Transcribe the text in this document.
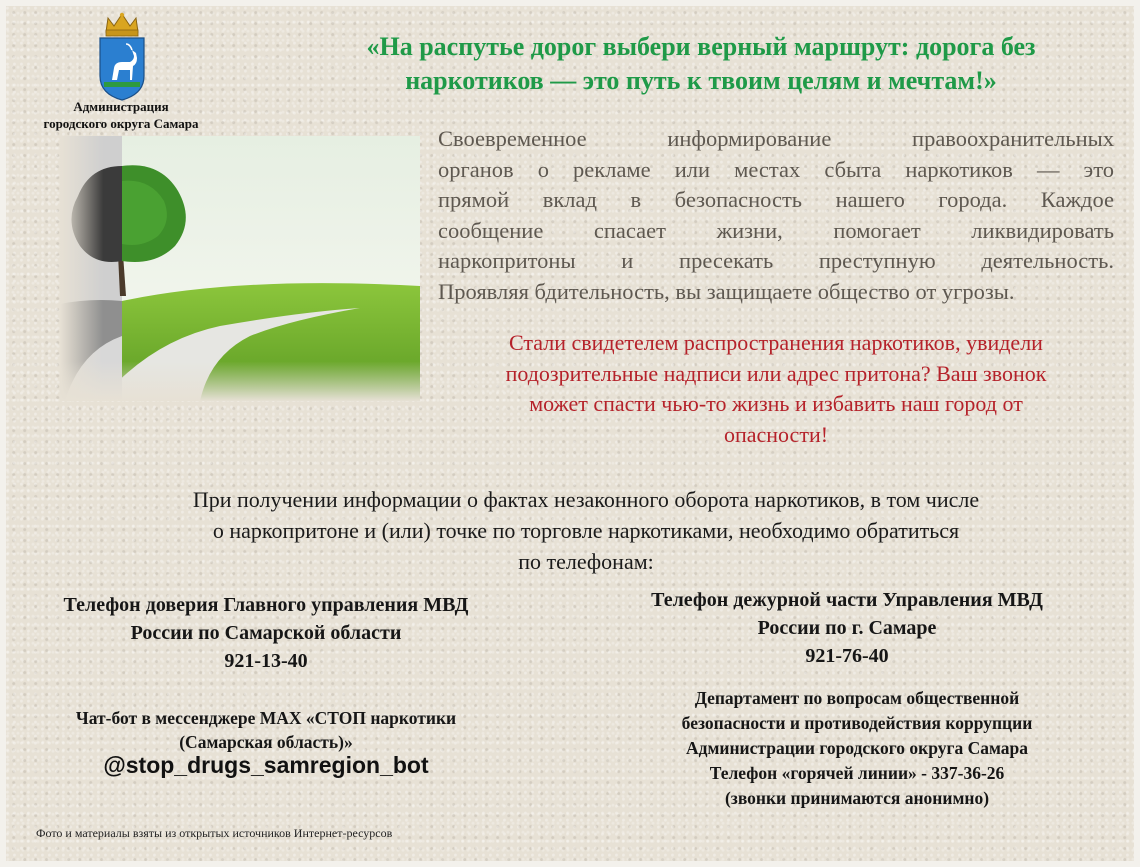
Администрация
городского округа Самара
«На распутье дорог выбери верный маршрут: дорога без
наркотиков — это путь к твоим целям и мечтам!»
Своевременное информирование правоохранительных
органов о рекламе или местах сбыта наркотиков — это
прямой вклад в безопасность нашего города. Каждое
сообщение спасает жизни, помогает ликвидировать
наркопритоны и пресекать преступную деятельность.
Проявляя бдительность, вы защищаете общество от угрозы.
Стали свидетелем распространения наркотиков, увидели
подозрительные надписи или адрес притона? Ваш звонок
может спасти чью-то жизнь и избавить наш город от
опасности!
При получении информации о фактах незаконного оборота наркотиков, в том числе
о наркопритоне и (или) точке по торговле наркотиками, необходимо обратиться
по телефонам:
Телефон доверия Главного управления МВД
России по Самарской области
921-13-40
Чат-бот в мессенджере MAX «СТОП наркотики
(Самарская область)»
@stop_drugs_samregion_bot
Телефон дежурной части Управления МВД
России по г. Самаре
921-76-40
Департамент по вопросам общественной
безопасности и противодействия коррупции
Администрации городского округа Самара
Телефон «горячей линии» - 337-36-26
(звонки принимаются анонимно)
Фото и материалы взяты из открытых источников Интернет-ресурсов
